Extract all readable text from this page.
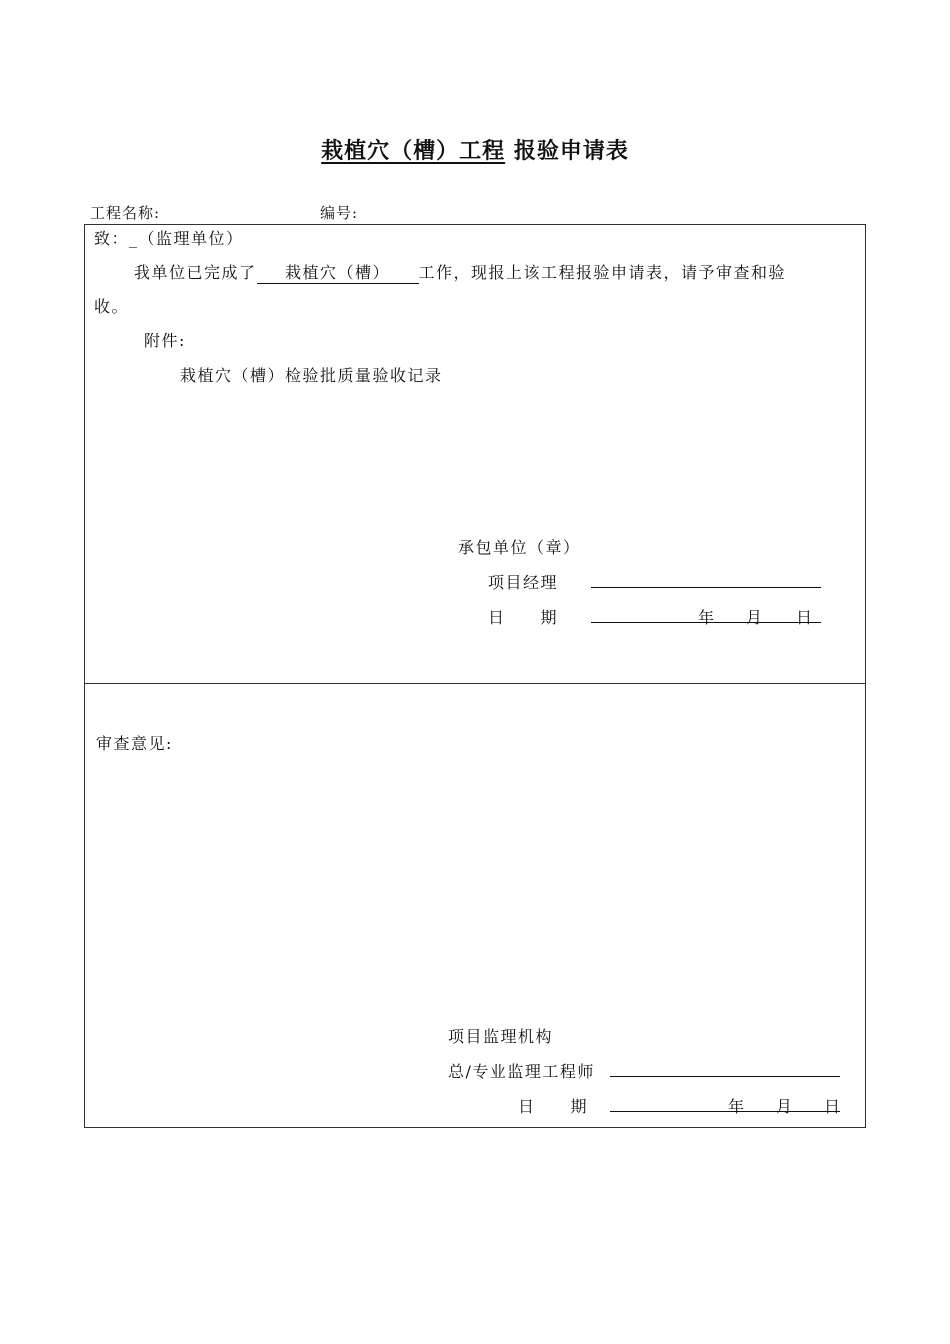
栽植穴（槽）工程 报验申请表
工程名称:	编号:
致：_（监理单位）
我单位已完成了 栽植穴（槽） 工作，现报上该工程报验申请表，请予审查和验
收。
附件:
栽植穴（槽）检验批质量验收记录
承包单位（章）
项目经理
日　　期	年 月 日
审查意见:
项目监理机构
总/专业监理工程师
日　　期	年 月 日
